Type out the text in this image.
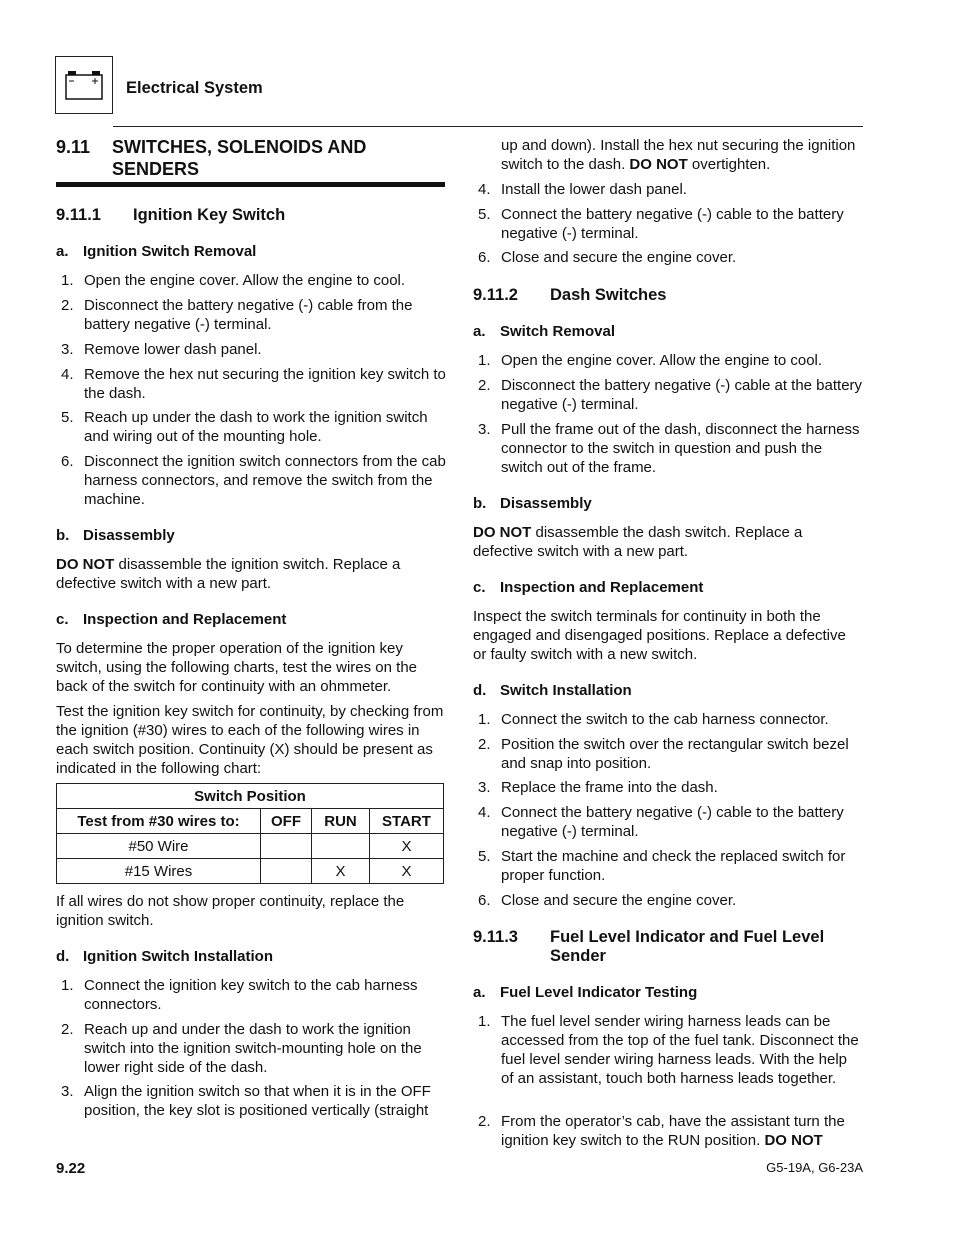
Electrical System
9.11 SWITCHES, SOLENOIDS AND SENDERS
9.11.1 Ignition Key Switch
a. Ignition Switch Removal
1. Open the engine cover. Allow the engine to cool.
2. Disconnect the battery negative (-) cable from the battery negative (-) terminal.
3. Remove lower dash panel.
4. Remove the hex nut securing the ignition key switch to the dash.
5. Reach up under the dash to work the ignition switch and wiring out of the mounting hole.
6. Disconnect the ignition switch connectors from the cab harness connectors, and remove the switch from the machine.
b. Disassembly
DO NOT disassemble the ignition switch. Replace a defective switch with a new part.
c. Inspection and Replacement
To determine the proper operation of the ignition key switch, using the following charts, test the wires on the back of the switch for continuity with an ohmmeter.
Test the ignition key switch for continuity, by checking from the ignition (#30) wires to each of the following wires in each switch position. Continuity (X) should be present as indicated in the following chart:
Switch Position			
Test from #30 wires to:	OFF	RUN	START
#50 Wire			X
#15 Wires		X	X
If all wires do not show proper continuity, replace the ignition switch.
d. Ignition Switch Installation
1. Connect the ignition key switch to the cab harness connectors.
2. Reach up and under the dash to work the ignition switch into the ignition switch-mounting hole on the lower right side of the dash.
3. Align the ignition switch so that when it is in the OFF position, the key slot is positioned vertically (straight
up and down). Install the hex nut securing the ignition switch to the dash. DO NOT overtighten.
4. Install the lower dash panel.
5. Connect the battery negative (-) cable to the battery negative (-) terminal.
6. Close and secure the engine cover.
9.11.2 Dash Switches
a. Switch Removal
1. Open the engine cover. Allow the engine to cool.
2. Disconnect the battery negative (-) cable at the battery negative (-) terminal.
3. Pull the frame out of the dash, disconnect the harness connector to the switch in question and push the switch out of the frame.
b. Disassembly
DO NOT disassemble the dash switch. Replace a defective switch with a new part.
c. Inspection and Replacement
Inspect the switch terminals for continuity in both the engaged and disengaged positions. Replace a defective or faulty switch with a new switch.
d. Switch Installation
1. Connect the switch to the cab harness connector.
2. Position the switch over the rectangular switch bezel and snap into position.
3. Replace the frame into the dash.
4. Connect the battery negative (-) cable to the battery negative (-) terminal.
5. Start the machine and check the replaced switch for proper function.
6. Close and secure the engine cover.
9.11.3 Fuel Level Indicator and Fuel Level Sender
a. Fuel Level Indicator Testing
1. The fuel level sender wiring harness leads can be accessed from the top of the fuel tank. Disconnect the fuel level sender wiring harness leads. With the help of an assistant, touch both harness leads together.
2. From the operator’s cab, have the assistant turn the ignition key switch to the RUN position. DO NOT
9.22	G5-19A, G6-23A
